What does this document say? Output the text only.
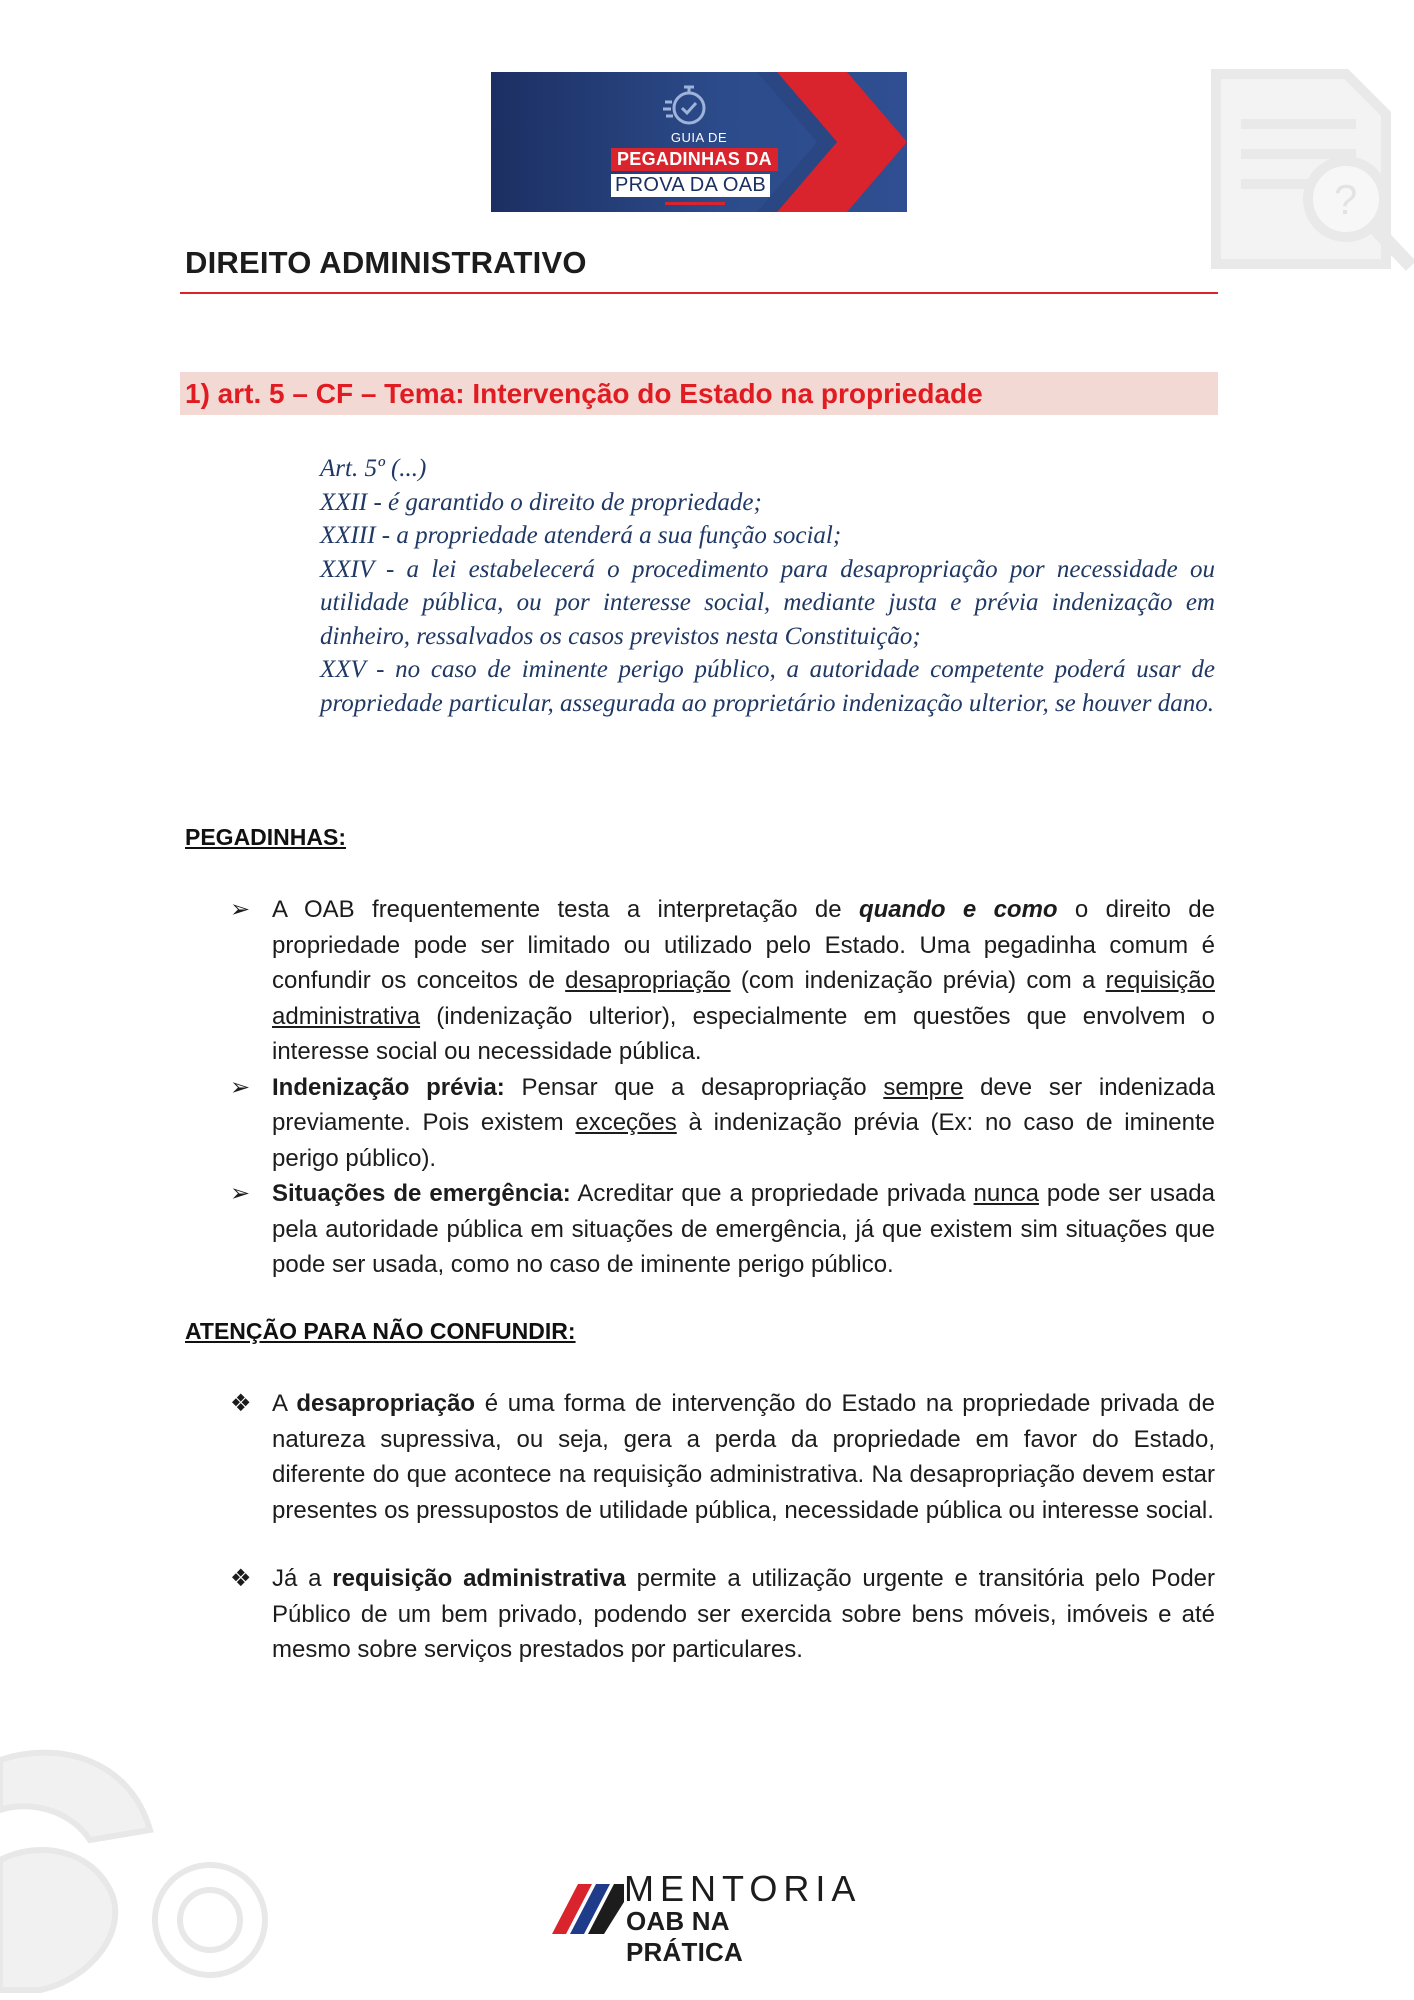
?
GUIA DE
PEGADINHAS DA
PROVA DA OAB
DIREITO ADMINISTRATIVO
1) art. 5 – CF – Tema: Intervenção do Estado na propriedade

Art. 5º (...)

XXII - é garantido o direito de propriedade;

XXIII - a propriedade atenderá a sua função social;

XXIV - a lei estabelecerá o procedimento para desapropriação por necessidade ou utilidade pública, ou por interesse social, mediante justa e prévia indenização em dinheiro, ressalvados os casos previstos nesta Constituição;

XXV - no caso de iminente perigo público, a autoridade competente poderá usar de propriedade particular, assegurada ao proprietário indenização ulterior, se houver dano.

PEGADINHAS:
➢ A OAB frequentemente testa a interpretação de quando e como o direito de propriedade pode ser limitado ou utilizado pelo Estado. Uma pegadinha comum é confundir os conceitos de desapropriação (com indenização prévia) com a requisição administrativa (indenização ulterior), especialmente em questões que envolvem o interesse social ou necessidade pública.
➢ Indenização prévia: Pensar que a desapropriação sempre deve ser indenizada previamente. Pois existem exceções à indenização prévia (Ex: no caso de iminente perigo público).
➢ Situações de emergência: Acreditar que a propriedade privada nunca pode ser usada pela autoridade pública em situações de emergência, já que existem sim situações que pode ser usada, como no caso de iminente perigo público.
ATENÇÃO PARA NÃO CONFUNDIR:
❖ A desapropriação é uma forma de intervenção do Estado na propriedade privada de natureza supressiva, ou seja, gera a perda da propriedade em favor do Estado, diferente do que acontece na requisição administrativa. Na desapropriação devem estar presentes os pressupostos de utilidade pública, necessidade pública ou interesse social.
❖ Já a requisição administrativa permite a utilização urgente e transitória pelo Poder Público de um bem privado, podendo ser exercida sobre bens móveis, imóveis e até mesmo sobre serviços prestados por particulares.
MENTORIA
OAB NA PRÁTICA
